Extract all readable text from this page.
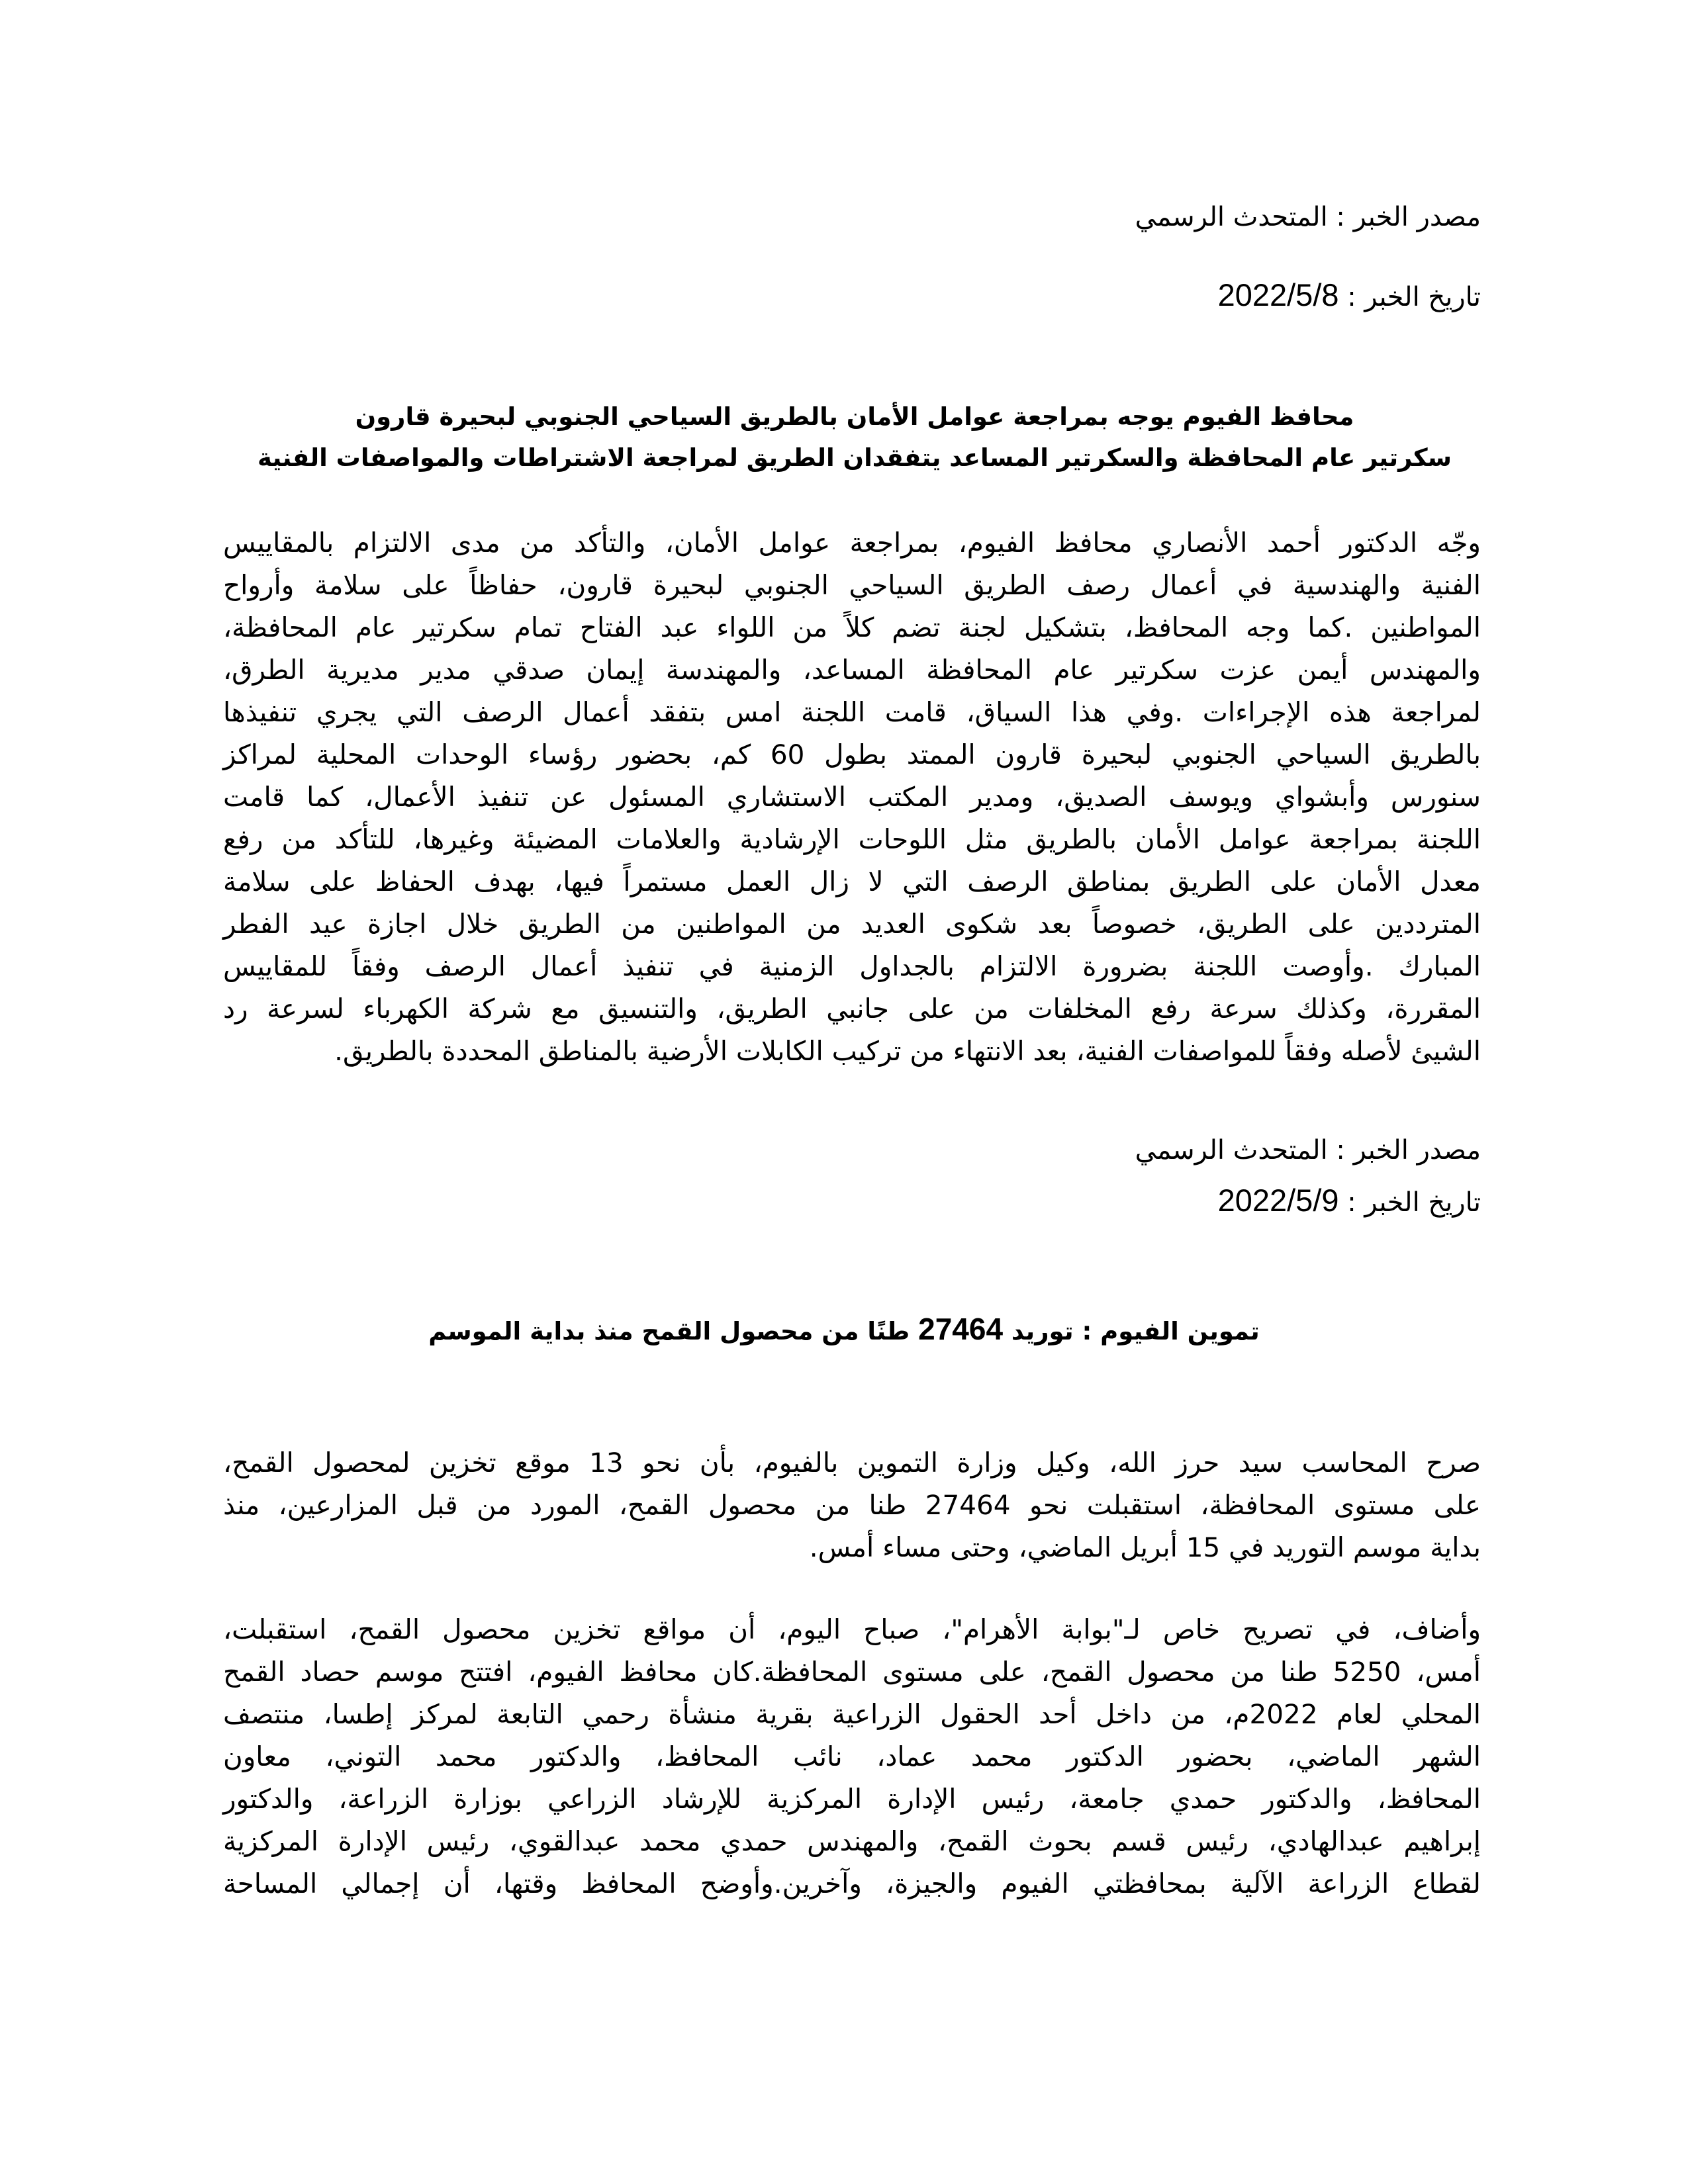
مصدر الخبر : المتحدث الرسمي
تاريخ الخبر : 2022/5/8
محافظ الفيوم يوجه بمراجعة عوامل الأمان بالطريق السياحي الجنوبي لبحيرة قارون
سكرتير عام المحافظة والسكرتير المساعد يتفقدان الطريق لمراجعة الاشتراطات والمواصفات الفنية
وجّه الدكتور أحمد الأنصاري محافظ الفيوم، بمراجعة عوامل الأمان، والتأكد من مدى الالتزام بالمقاييس
الفنية والهندسية في أعمال رصف الطريق السياحي الجنوبي لبحيرة قارون، حفاظاً على سلامة وأرواح
المواطنين .كما وجه المحافظ، بتشكيل لجنة تضم كلاً من اللواء عبد الفتاح تمام سكرتير عام المحافظة،
والمهندس أيمن عزت سكرتير عام المحافظة المساعد، والمهندسة إيمان صدقي مدير مديرية الطرق،
لمراجعة هذه الإجراءات .وفي هذا السياق، قامت اللجنة امس بتفقد أعمال الرصف التي يجري تنفيذها
بالطريق السياحي الجنوبي لبحيرة قارون الممتد بطول 60 كم، بحضور رؤساء الوحدات المحلية لمراكز
سنورس وأبشواي ويوسف الصديق، ومدير المكتب الاستشاري المسئول عن تنفيذ الأعمال، كما قامت
اللجنة بمراجعة عوامل الأمان بالطريق مثل اللوحات الإرشادية والعلامات المضيئة وغيرها، للتأكد من رفع
معدل الأمان على الطريق بمناطق الرصف التي لا زال العمل مستمراً فيها، بهدف الحفاظ على سلامة
المترددين على الطريق، خصوصاً بعد شكوى العديد من المواطنين من الطريق خلال اجازة عيد الفطر
المبارك .وأوصت اللجنة بضرورة الالتزام بالجداول الزمنية في تنفيذ أعمال الرصف وفقاً للمقاييس
المقررة، وكذلك سرعة رفع المخلفات من على جانبي الطريق، والتنسيق مع شركة الكهرباء لسرعة رد
الشيئ لأصله وفقاً للمواصفات الفنية، بعد الانتهاء من تركيب الكابلات الأرضية بالمناطق المحددة بالطريق.
مصدر الخبر : المتحدث الرسمي
تاريخ الخبر : 2022/5/9
تموين الفيوم : توريد 27464 طنًا من محصول القمح منذ بداية الموسم
صرح المحاسب سيد حرز الله، وكيل وزارة التموين بالفيوم، بأن نحو 13 موقع تخزين لمحصول القمح،
على مستوى المحافظة، استقبلت نحو 27464 طنا من محصول القمح، المورد من قبل المزارعين، منذ
بداية موسم التوريد في 15 أبريل الماضي، وحتى مساء أمس.
وأضاف، في تصريح خاص لـ"بوابة الأهرام"، صباح اليوم، أن مواقع تخزين محصول القمح، استقبلت،
أمس، 5250 طنا من محصول القمح، على مستوى المحافظة.كان محافظ الفيوم، افتتح موسم حصاد القمح
المحلي لعام 2022م، من داخل أحد الحقول الزراعية بقرية منشأة رحمي التابعة لمركز إطسا، منتصف
الشهر الماضي، بحضور الدكتور محمد عماد، نائب المحافظ، والدكتور محمد التوني، معاون
المحافظ، والدكتور حمدي جامعة، رئيس الإدارة المركزية للإرشاد الزراعي بوزارة الزراعة، والدكتور
إبراهيم عبدالهادي، رئيس قسم بحوث القمح، والمهندس حمدي محمد عبدالقوي، رئيس الإدارة المركزية
لقطاع الزراعة الآلية بمحافظتي الفيوم والجيزة، وآخرين.وأوضح المحافظ وقتها، أن إجمالي المساحة
